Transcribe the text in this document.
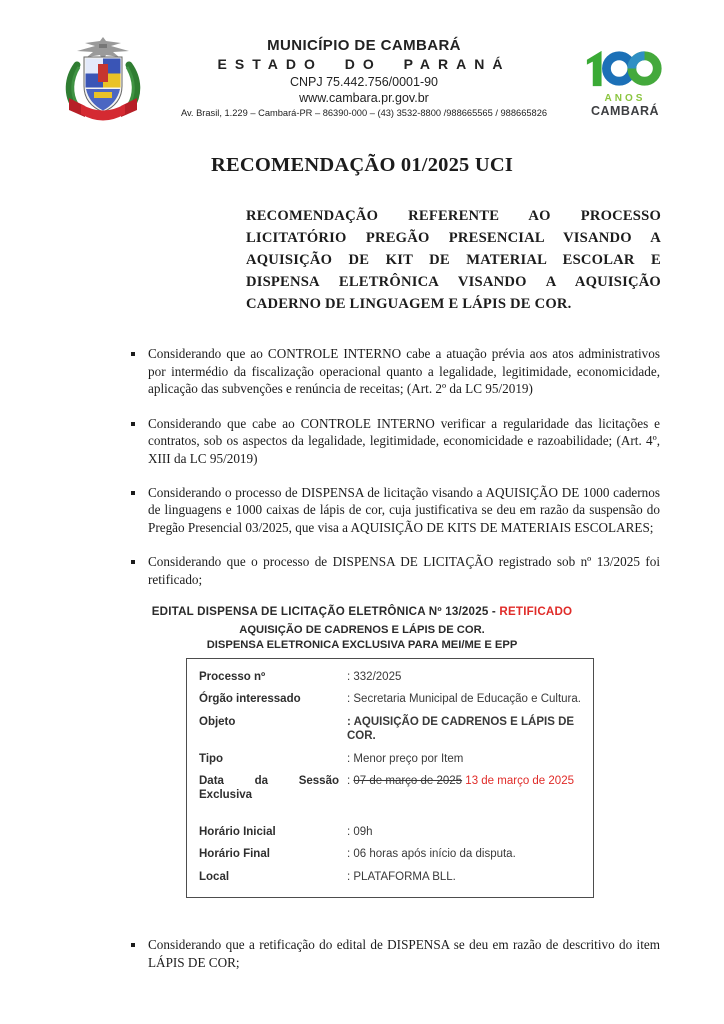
MUNICÍPIO DE CAMBARÁ
ESTADO DO PARANÁ
CNPJ 75.442.756/0001-90
www.cambara.pr.gov.br
Av. Brasil, 1.229 – Cambará-PR – 86390-000 – (43) 3532-8800 /988665565 / 988665826
ANOS
CAMBARÁ
RECOMENDAÇÃO 01/2025 UCI

RECOMENDAÇÃO REFERENTE AO PROCESSO LICITATÓRIO PREGÃO PRESENCIAL VISANDO A AQUISIÇÃO DE KIT DE MATERIAL ESCOLAR E DISPENSA ELETRÔNICA VISANDO A AQUISIÇÃO CADERNO DE LINGUAGEM E LÁPIS DE COR.

▪ Considerando que ao CONTROLE INTERNO cabe a atuação prévia aos atos administrativos por intermédio da fiscalização operacional quanto a legalidade, legitimidade, economicidade, aplicação das subvenções e renúncia de receitas; (Art. 2º da LC 95/2019)
▪ Considerando que cabe ao CONTROLE INTERNO verificar a regularidade das licitações e contratos, sob os aspectos da legalidade, legitimidade, economicidade e razoabilidade; (Art. 4º, XIII da LC 95/2019)
▪ Considerando o processo de DISPENSA de licitação visando a AQUISIÇÃO DE 1000 cadernos de linguagens e 1000 caixas de lápis de cor, cuja justificativa se deu em razão da suspensão do Pregão Presencial 03/2025, que visa a AQUISIÇÃO DE KITS DE MATERIAIS ESCOLARES;
▪ Considerando que o processo de DISPENSA DE LICITAÇÃO registrado sob nº 13/2025 foi retificado;
EDITAL DISPENSA DE LICITAÇÃO ELETRÔNICA Nº 13/2025 - RETIFICADO
AQUISIÇÃO DE CADRENOS E LÁPIS DE COR.
DISPENSA ELETRONICA EXCLUSIVA PARA MEI/ME E EPP
Processo nº	: 332/2025
Órgão interessado	: Secretaria Municipal de Educação e Cultura.
Objeto	: AQUISIÇÃO DE CADRENOS E LÁPIS DE COR.
Tipo	: Menor preço por Item
Data da Sessão Exclusiva
: 07 de março de 2025 13 de março de 2025
Horário Inicial	: 09h
Horário Final	: 06 horas após início da disputa.
Local	: PLATAFORMA BLL.
▪ Considerando que a retificação do edital de DISPENSA se deu em razão de descritivo do item LÁPIS DE COR;
